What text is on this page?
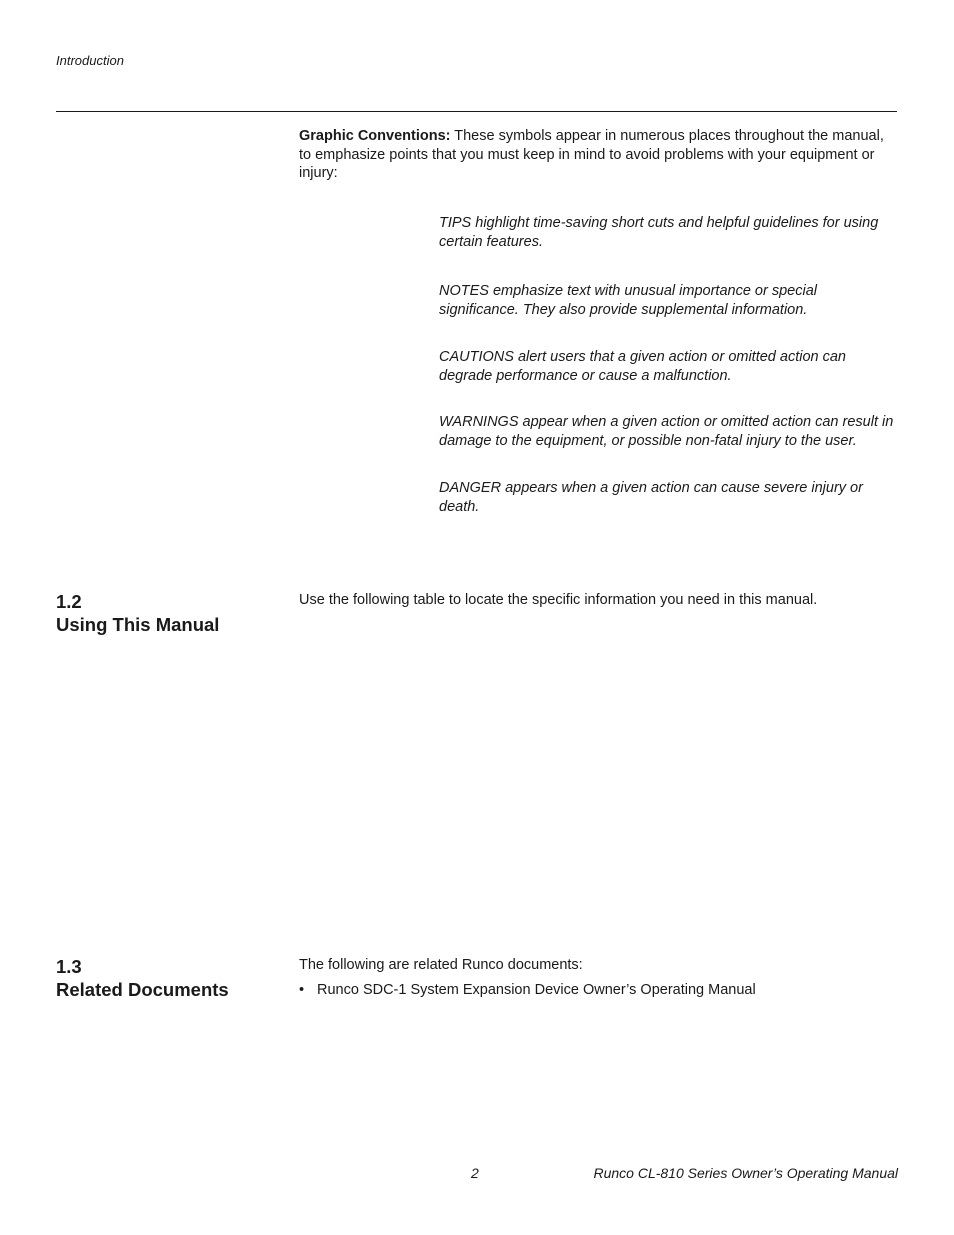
Introduction
Graphic Conventions: These symbols appear in numerous places throughout the manual, to emphasize points that you must keep in mind to avoid problems with your equipment or injury:
TIPS highlight time-saving short cuts and helpful guidelines for using certain features.
NOTES emphasize text with unusual importance or special significance. They also provide supplemental information.
CAUTIONS alert users that a given action or omitted action can degrade performance or cause a malfunction.
WARNINGS appear when a given action or omitted action can result in damage to the equipment, or possible non-fatal injury to the user.
DANGER appears when a given action can cause severe injury or death.
1.2
Using This Manual
Use the following table to locate the specific information you need in this manual.
1.3
Related Documents
The following are related Runco documents:
• Runco SDC-1 System Expansion Device Owner’s Operating Manual
2	Runco CL-810 Series Owner’s Operating Manual
